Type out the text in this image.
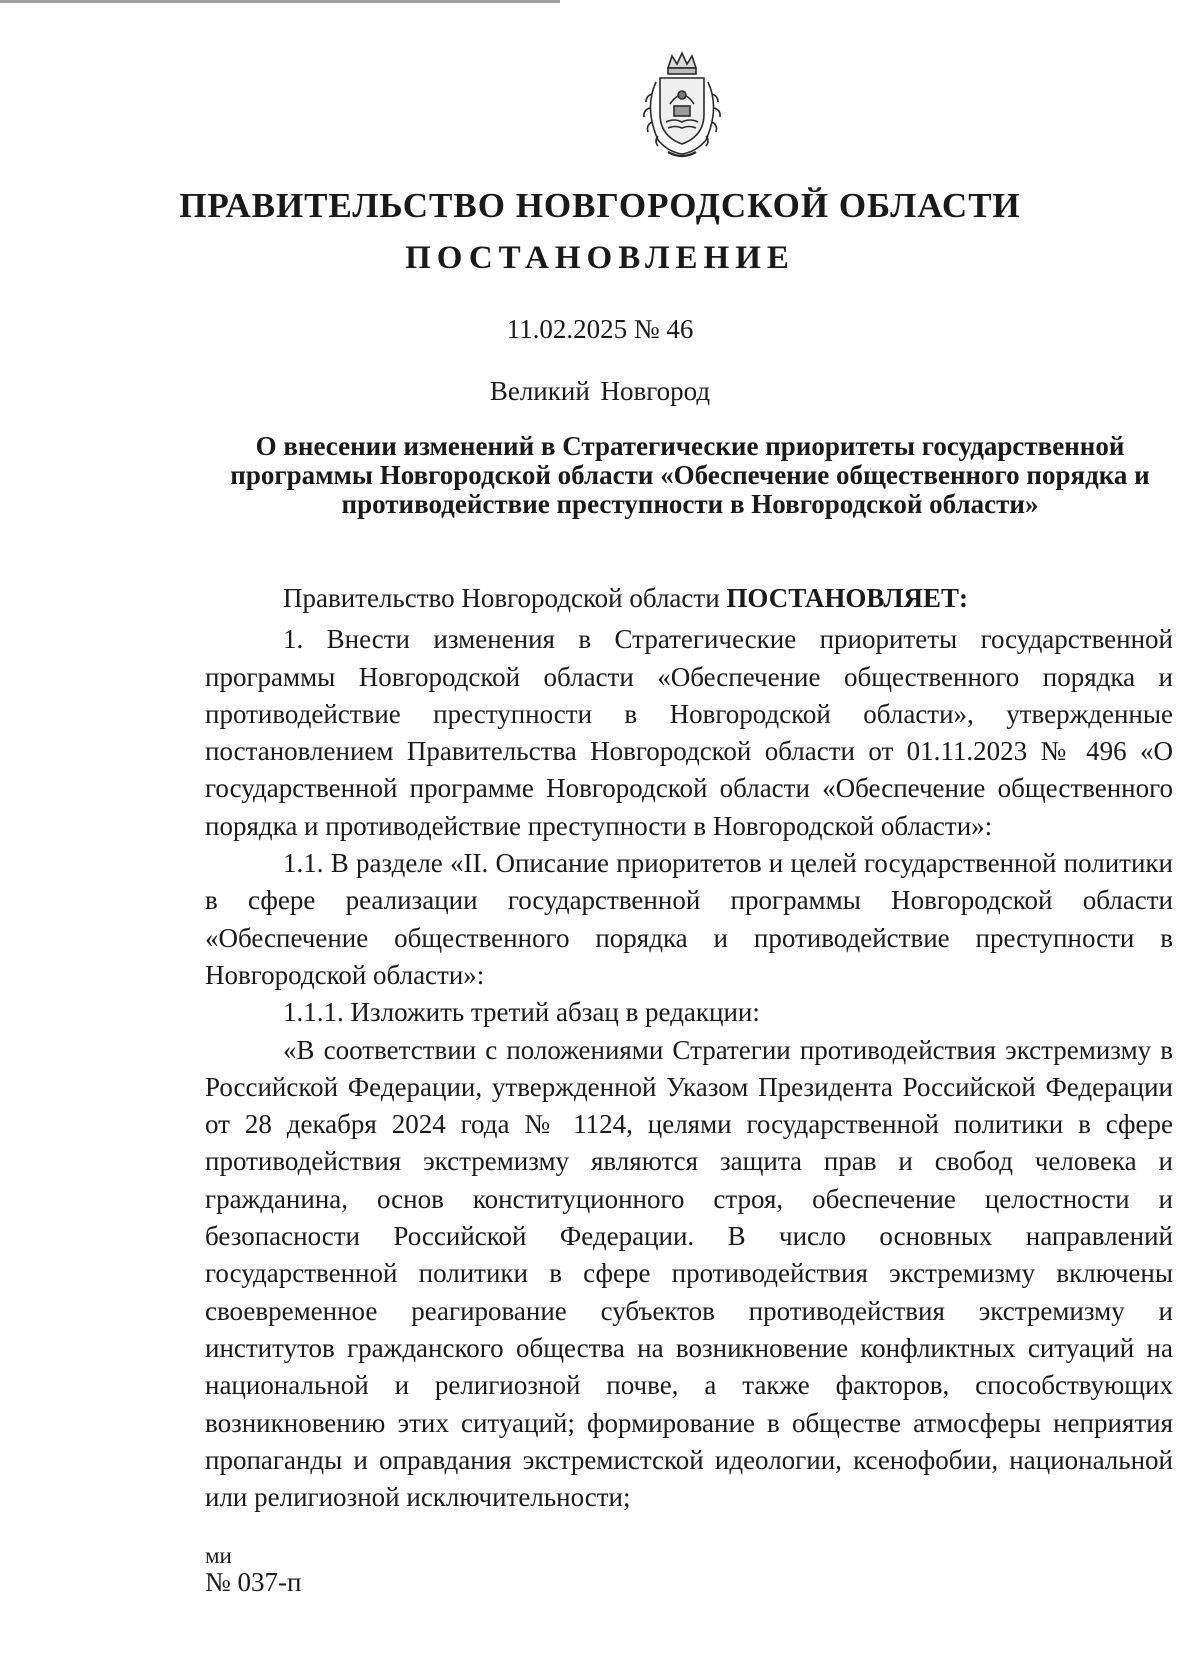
ПРАВИТЕЛЬСТВО НОВГОРОДСКОЙ ОБЛАСТИ
ПОСТАНОВЛЕНИЕ
11.02.2025 № 46
Великий Новгород
О внесении изменений в Стратегические приоритеты государственной программы Новгородской области «Обеспечение общественного порядка и противодействие преступности в Новгородской области»

Правительство Новгородской области ПОСТАНОВЛЯЕТ:

1. Внести изменения в Стратегические приоритеты государственной программы Новгородской области «Обеспечение общественного порядка и противодействие преступности в Новгородской области», утвержденные постановлением Правительства Новгородской области от 01.11.2023 № 496 «О государственной программе Новгородской области «Обеспечение общественного порядка и противодействие преступности в Новгородской области»:

1.1. В разделе «II. Описание приоритетов и целей государственной политики в сфере реализации государственной программы Новгородской области «Обеспечение общественного порядка и противодействие преступности в Новгородской области»:

1.1.1. Изложить третий абзац в редакции:

«В соответствии с положениями Стратегии противодействия экстремизму в Российской Федерации, утвержденной Указом Президента Российской Федерации от 28 декабря 2024 года № 1124, целями государственной политики в сфере противодействия экстремизму являются защита прав и свобод человека и гражданина, основ конституционного строя, обеспечение целостности и безопасности Российской Федерации. В число основных направлений государственной политики в сфере противодействия экстремизму включены своевременное реагирование субъектов противодействия экстремизму и институтов гражданского общества на возникновение конфликтных ситуаций на национальной и религиозной почве, а также факторов, способствующих возникновению этих ситуаций; формирование в обществе атмосферы неприятия пропаганды и оправдания экстремистской идеологии, ксенофобии, национальной или религиозной исключительности;

ми
№ 037-п
